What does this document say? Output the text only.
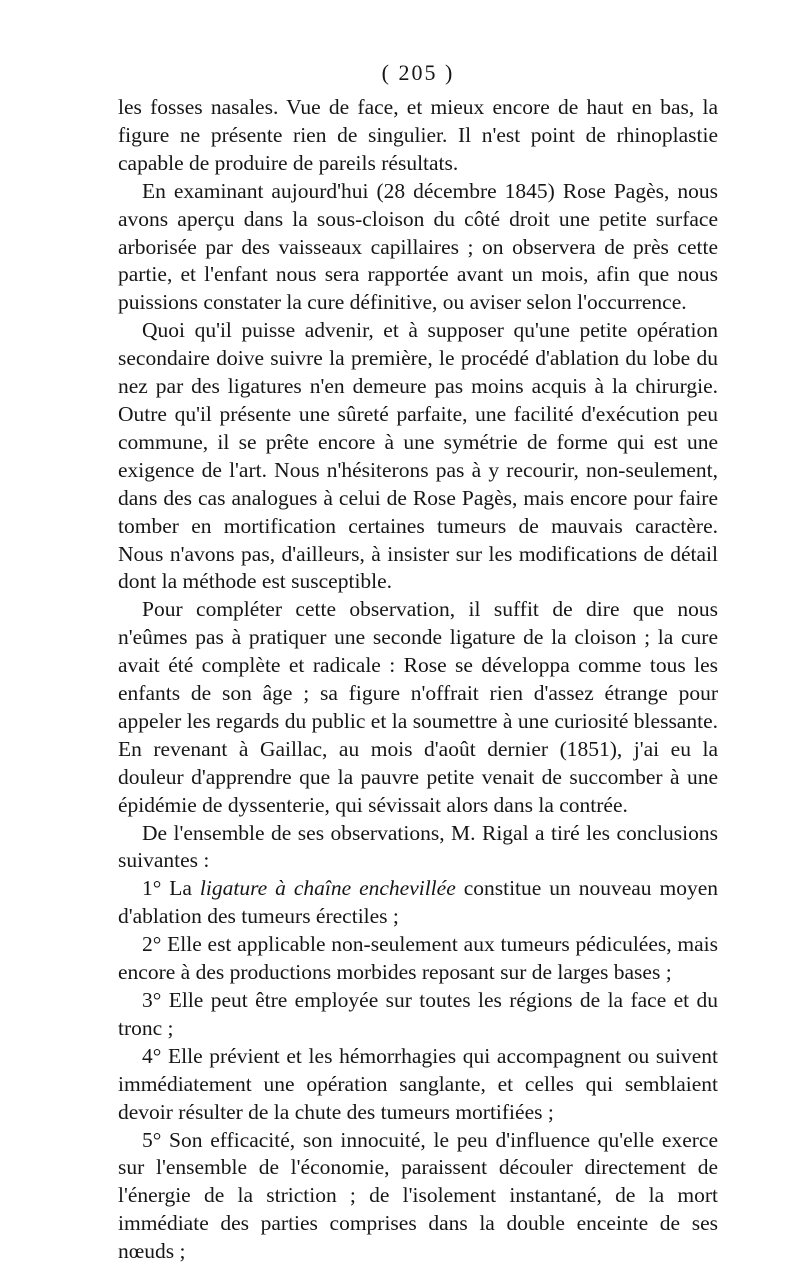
( 205 )

les fosses nasales. Vue de face, et mieux encore de haut en bas, la figure ne présente rien de singulier. Il n'est point de rhinoplastie capable de produire de pareils résultats.

En examinant aujourd'hui (28 décembre 1845) Rose Pagès, nous avons aperçu dans la sous-cloison du côté droit une petite surface arborisée par des vaisseaux capillaires ; on observera de près cette partie, et l'enfant nous sera rapportée avant un mois, afin que nous puissions constater la cure définitive, ou aviser selon l'occurrence.

Quoi qu'il puisse advenir, et à supposer qu'une petite opération secondaire doive suivre la première, le procédé d'ablation du lobe du nez par des ligatures n'en demeure pas moins acquis à la chirurgie. Outre qu'il présente une sûreté parfaite, une facilité d'exécution peu commune, il se prête encore à une symétrie de forme qui est une exigence de l'art. Nous n'hésiterons pas à y recourir, non-seulement, dans des cas analogues à celui de Rose Pagès, mais encore pour faire tomber en mortification certaines tumeurs de mauvais caractère. Nous n'avons pas, d'ailleurs, à insister sur les modifications de détail dont la méthode est susceptible.

Pour compléter cette observation, il suffit de dire que nous n'eûmes pas à pratiquer une seconde ligature de la cloison ; la cure avait été complète et radicale : Rose se développa comme tous les enfants de son âge ; sa figure n'offrait rien d'assez étrange pour appeler les regards du public et la soumettre à une curiosité blessante. En revenant à Gaillac, au mois d'août dernier (1851), j'ai eu la douleur d'apprendre que la pauvre petite venait de succomber à une épidémie de dyssenterie, qui sévissait alors dans la contrée.

De l'ensemble de ses observations, M. Rigal a tiré les conclusions suivantes :

1° La ligature à chaîne enchevillée constitue un nouveau moyen d'ablation des tumeurs érectiles ;

2° Elle est applicable non-seulement aux tumeurs pédiculées, mais encore à des productions morbides reposant sur de larges bases ;

3° Elle peut être employée sur toutes les régions de la face et du tronc ;

4° Elle prévient et les hémorrhagies qui accompagnent ou suivent immédiatement une opération sanglante, et celles qui semblaient devoir résulter de la chute des tumeurs mortifiées ;

5° Son efficacité, son innocuité, le peu d'influence qu'elle exerce sur l'ensemble de l'économie, paraissent découler directement de l'énergie de la striction ; de l'isolement instantané, de la mort immédiate des parties comprises dans la double enceinte de ses nœuds ;
